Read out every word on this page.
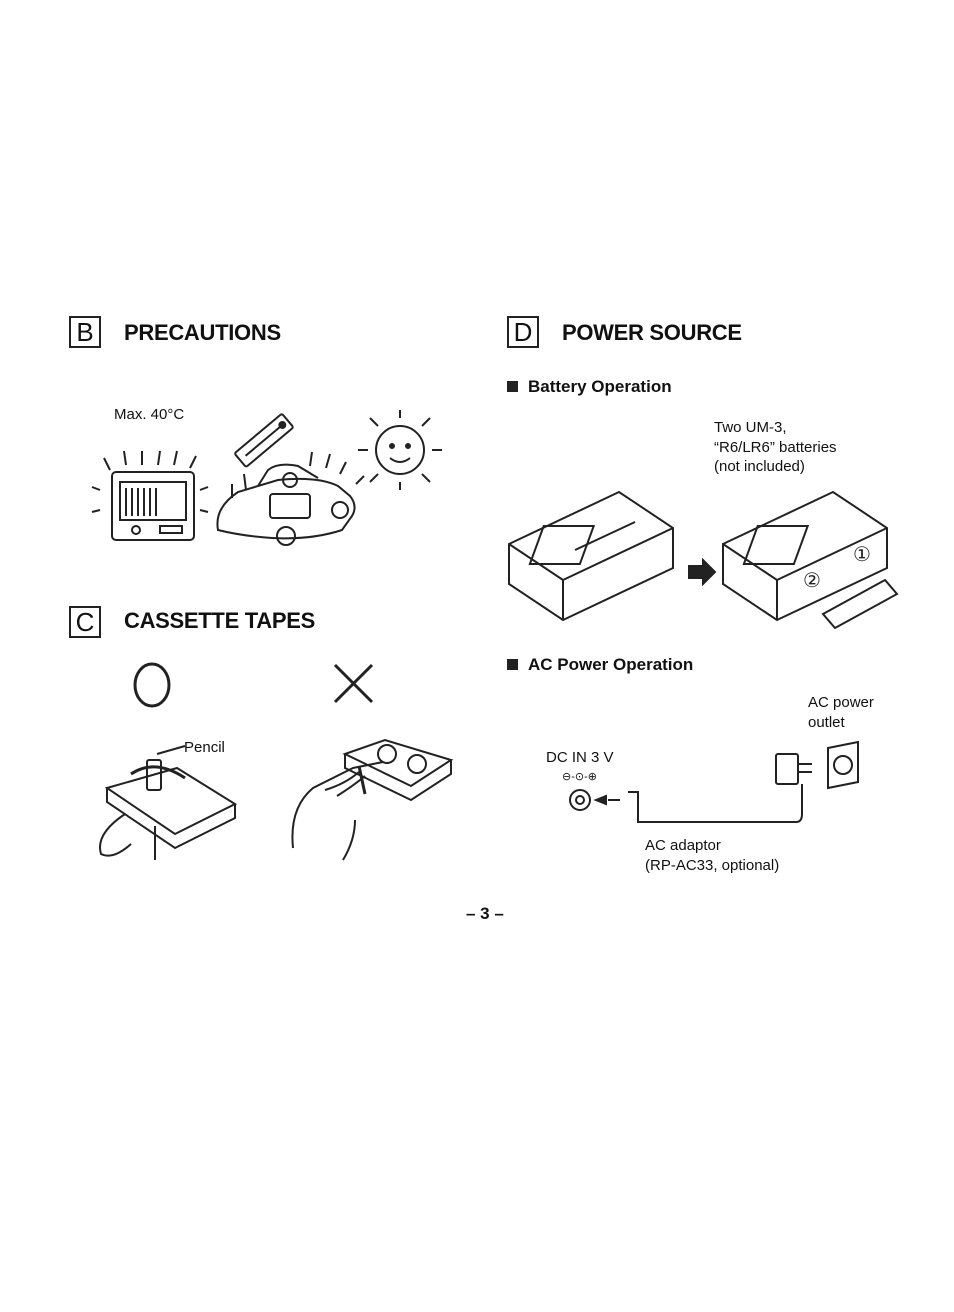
B	PRECAUTIONS
Max. 40°C
C	CASSETTE TAPES
Pencil
D	POWER SOURCE
Battery Operation
Two UM-3,
“R6/LR6” batteries
(not included)
①
②
AC Power Operation
AC power
outlet
DC IN 3 V
⊖-⊙-⊕
AC adaptor
(RP-AC33, optional)
– 3 –
